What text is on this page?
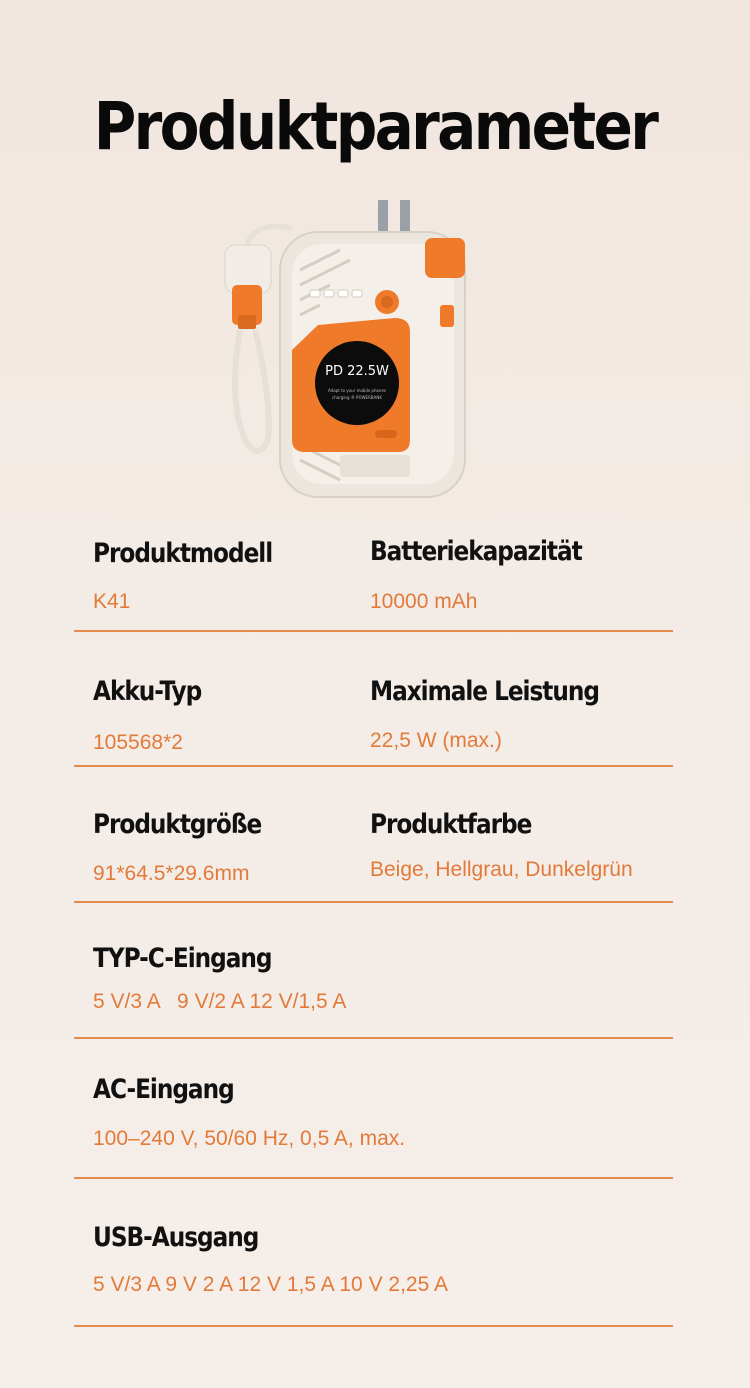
Produktparameter
PD 22.5W
Adapt to your mobile phones
charging ® POWERBANK
Produktmodell
K41
Batteriekapazität
10000 mAh
Akku-Typ
105568*2
Maximale Leistung
22,5 W (max.)
Produktgröße
91*64.5*29.6mm
Produktfarbe
Beige, Hellgrau, Dunkelgrün
TYP-C-Eingang
5 V/3 A   9 V/2 A 12 V/1,5 A
AC-Eingang
100–240 V, 50/60 Hz, 0,5 A, max.
USB-Ausgang
5 V/3 A 9 V 2 A 12 V 1,5 A 10 V 2,25 A
